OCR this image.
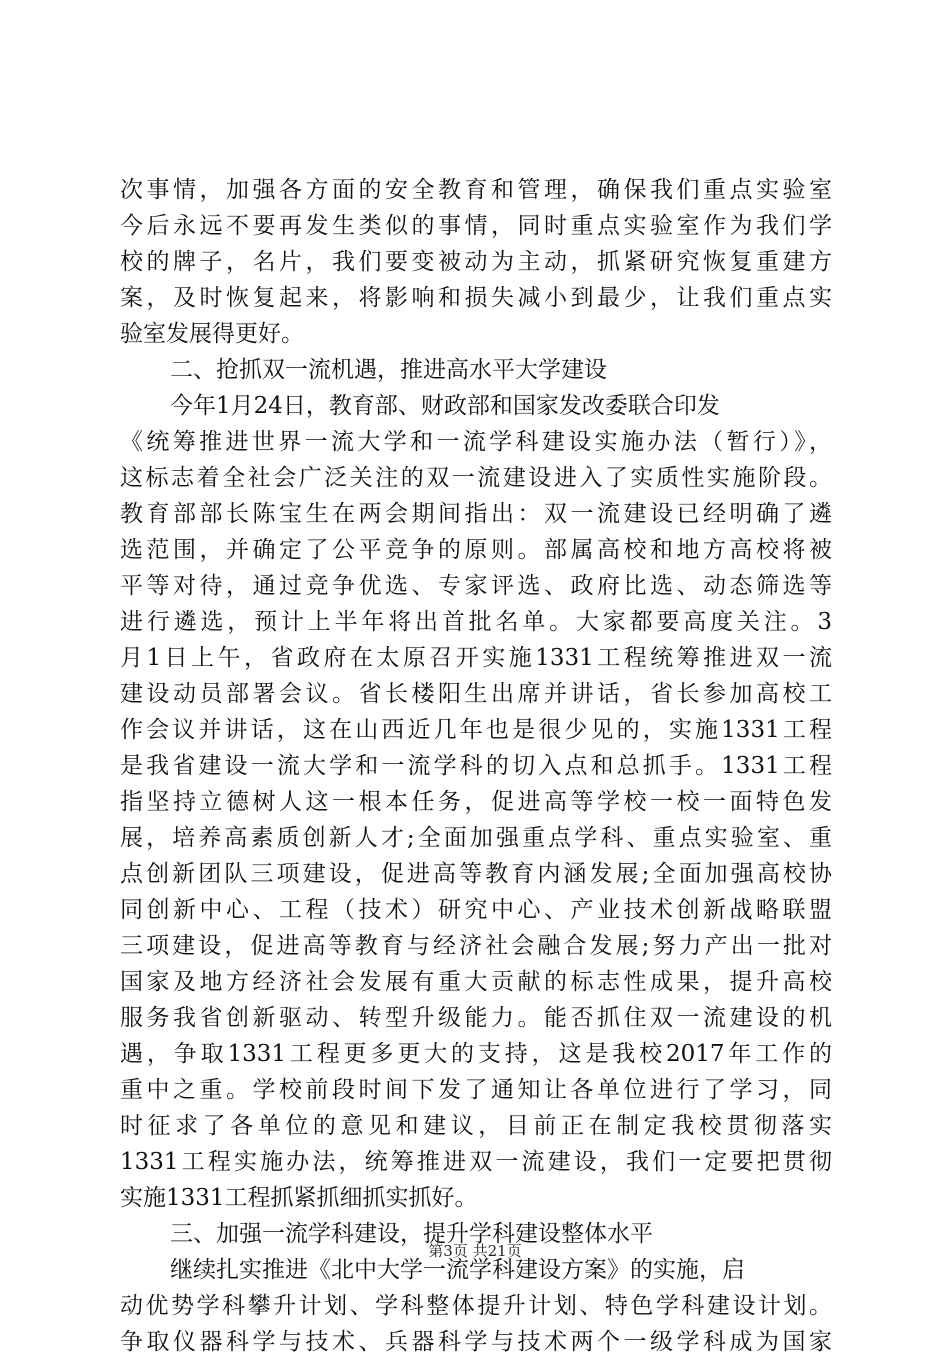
次事情，加强各方面的安全教育和管理，确保我们重点实验室
今后永远不要再发生类似的事情，同时重点实验室作为我们学
校的牌子，名片，我们要变被动为主动，抓紧研究恢复重建方
案，及时恢复起来，将影响和损失减小到最少，让我们重点实
验室发展得更好。
二、抢抓双一流机遇，推进高水平大学建设
今年1月24日，教育部、财政部和国家发改委联合印发
《统筹推进世界一流大学和一流学科建设实施办法（暂行）》，
这标志着全社会广泛关注的双一流建设进入了实质性实施阶段。
教育部部长陈宝生在两会期间指出：双一流建设已经明确了遴
选范围，并确定了公平竞争的原则。部属高校和地方高校将被
平等对待，通过竞争优选、专家评选、政府比选、动态筛选等
进行遴选，预计上半年将出首批名单。大家都要高度关注。3
月1日上午，省政府在太原召开实施1331工程统筹推进双一流
建设动员部署会议。省长楼阳生出席并讲话，省长参加高校工
作会议并讲话，这在山西近几年也是很少见的，实施1331工程
是我省建设一流大学和一流学科的切入点和总抓手。1331工程
指坚持立德树人这一根本任务，促进高等学校一校一面特色发
展，培养高素质创新人才;全面加强重点学科、重点实验室、重
点创新团队三项建设，促进高等教育内涵发展;全面加强高校协
同创新中心、工程（技术）研究中心、产业技术创新战略联盟
三项建设，促进高等教育与经济社会融合发展;努力产出一批对
国家及地方经济社会发展有重大贡献的标志性成果，提升高校
服务我省创新驱动、转型升级能力。能否抓住双一流建设的机
遇，争取1331工程更多更大的支持，这是我校2017年工作的
重中之重。学校前段时间下发了通知让各单位进行了学习，同
时征求了各单位的意见和建议，目前正在制定我校贯彻落实
1331工程实施办法，统筹推进双一流建设，我们一定要把贯彻
实施1331工程抓紧抓细抓实抓好。
三、加强一流学科建设，提升学科建设整体水平
继续扎实推进《北中大学一流学科建设方案》的实施，启
动优势学科攀升计划、学科整体提升计划、特色学科建设计划。
争取仪器科学与技术、兵器科学与技术两个一级学科成为国家
第3页 共21页
